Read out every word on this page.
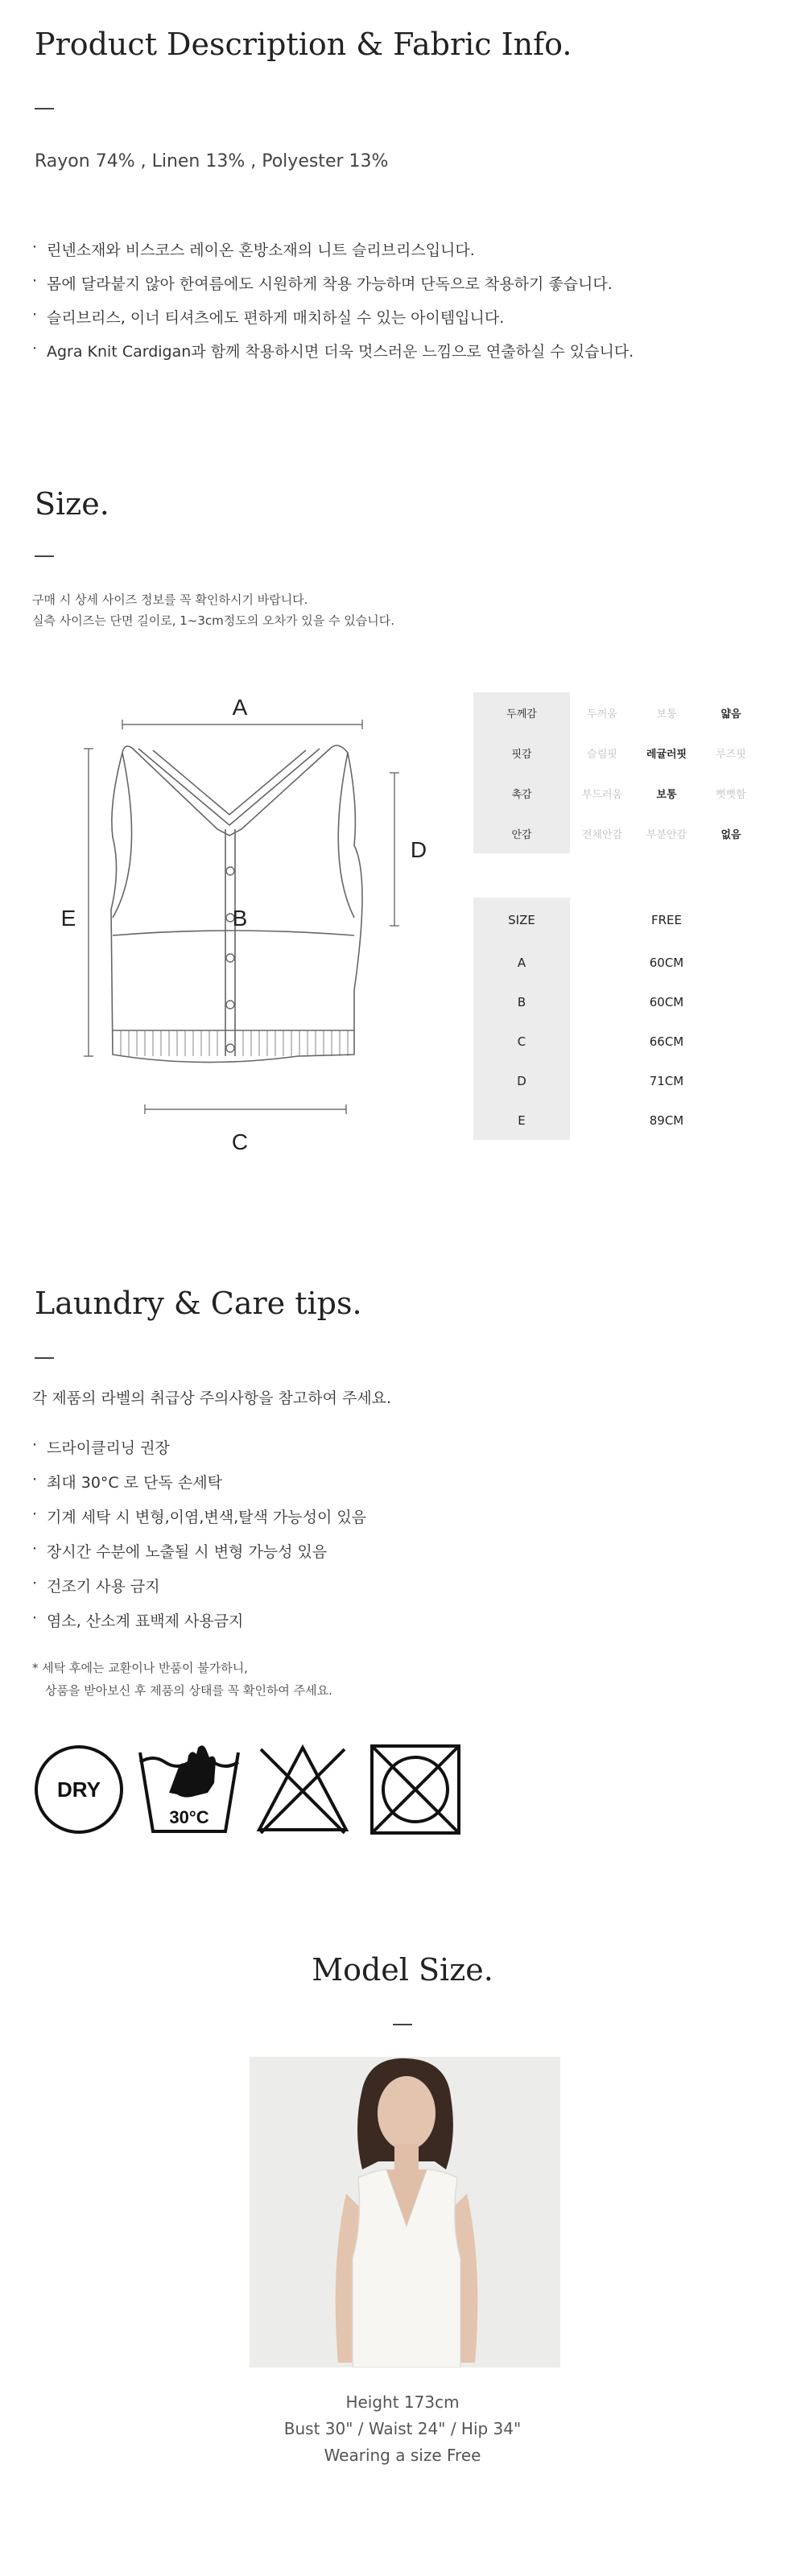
Product Description & Fabric Info.
Rayon 74% , Linen 13% , Polyester 13%
· 린넨소재와 비스코스 레이온 혼방소재의 니트 슬리브리스입니다.
· 몸에 달라붙지 않아 한여름에도 시원하게 착용 가능하며 단독으로 착용하기 좋습니다.
· 슬리브리스, 이너 티셔츠에도 편하게 매치하실 수 있는 아이템입니다.
· Agra Knit Cardigan과 함께 착용하시면 더욱 멋스러운 느낌으로 연출하실 수 있습니다.
Size.
구매 시 상세 사이즈 정보를 꼭 확인하시기 바랍니다.
실측 사이즈는 단면 길이로, 1~3cm정도의 오차가 있을 수 있습니다.
A
B
C
D
E
두께감	두꺼움	보통	얇음
핏감	슬림핏	레귤러핏	루즈핏
촉감	부드러움	보통	뻣뻣함
안감	전체안감	부분안감	없음
SIZE	FREE
A	60CM
B	60CM
C	66CM
D	71CM
E	89CM
Laundry & Care tips.
각 제품의 라벨의 취급상 주의사항을 참고하여 주세요.
· 드라이클리닝 권장
· 최대 30°C 로 단독 손세탁
· 기계 세탁 시 변형,이염,변색,탈색 가능성이 있음
· 장시간 수분에 노출될 시 변형 가능성 있음
· 건조기 사용 금지
· 염소, 산소계 표백제 사용금지
* 세탁 후에는 교환이나 반품이 불가하니,
상품을 받아보신 후 제품의 상태를 꼭 확인하여 주세요.
DRY
30°C
Model Size.
Height 173cm
Bust 30" / Waist 24" / Hip 34"
Wearing a size Free
